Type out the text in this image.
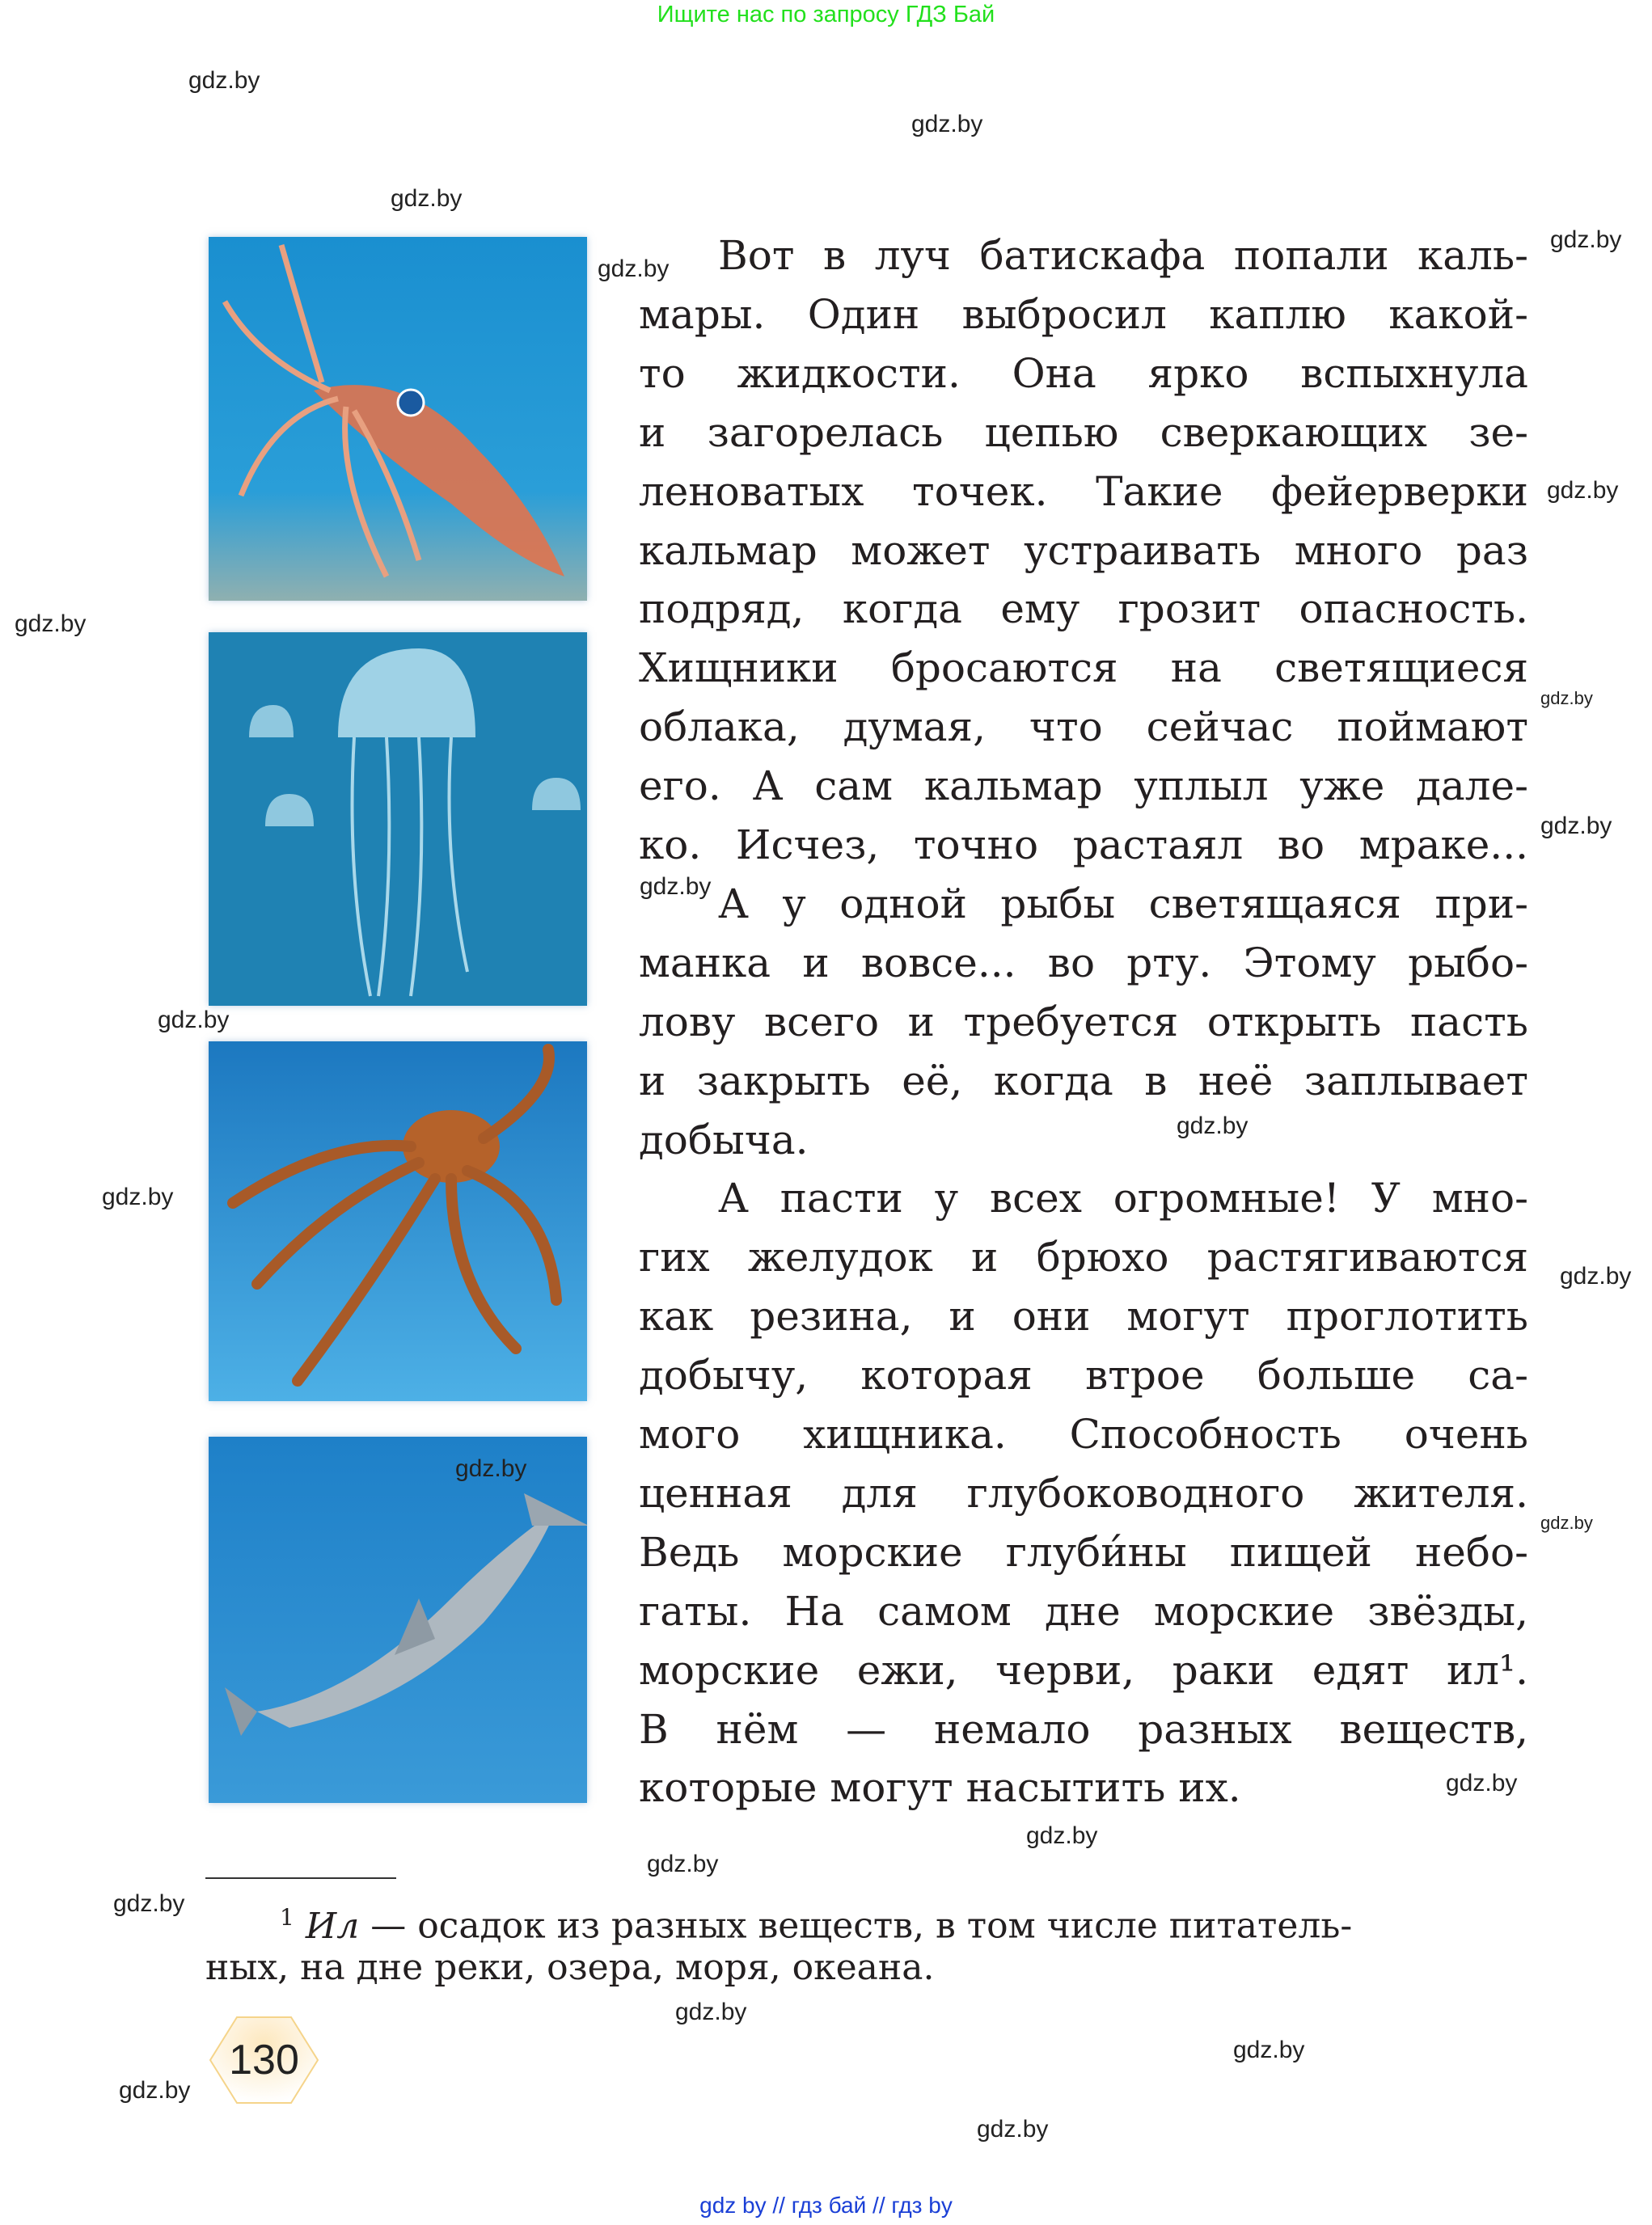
Ищите нас по запросу ГДЗ Бай
Вот в луч батискафа попали каль-
мары. Один выбросил каплю какой-
то жидкости. Она ярко вспыхнула
и загорелась цепью сверкающих зе-
леноватых точек. Такие фейерверки
кальмар может устраивать много раз
подряд, когда ему грозит опасность.
Хищники бросаются на светящиеся
облака, думая, что сейчас поймают
его. А сам кальмар уплыл уже дале-
ко. Исчез, точно растаял во мраке...
А у одной рыбы светящаяся при-
манка и вовсе... во рту. Этому рыбо-
лову всего и требуется открыть пасть
и закрыть её, когда в неё заплывает
добыча.
А пасти у всех огромные! У мно-
гих желудок и брюхо растягиваются
как резина, и они могут проглотить
добычу, которая втрое больше са-
мого хищника. Способность очень
ценная для глубоководного жителя.
Ведь морские глуби́ны пищей небо-
гаты. На самом дне морские звёзды,
морские ежи, черви, раки едят ил¹.
В нём — немало разных веществ,
которые могут насытить их.
$^1$ Ил — осадок из разных веществ, в том числе питатель-
ных, на дне реки, озера, моря, океана.
130
gdz by // гдз бай // гдз by
gdz.by
gdz.by
gdz.by
gdz.by
gdz.by
gdz.by
gdz.by
gdz.by
gdz.by
gdz.by
gdz.by
gdz.by
gdz.by
gdz.by
gdz.by
gdz.by
gdz.by
gdz.by
gdz.by
gdz.by
gdz.by
gdz.by
gdz.by
gdz.by
